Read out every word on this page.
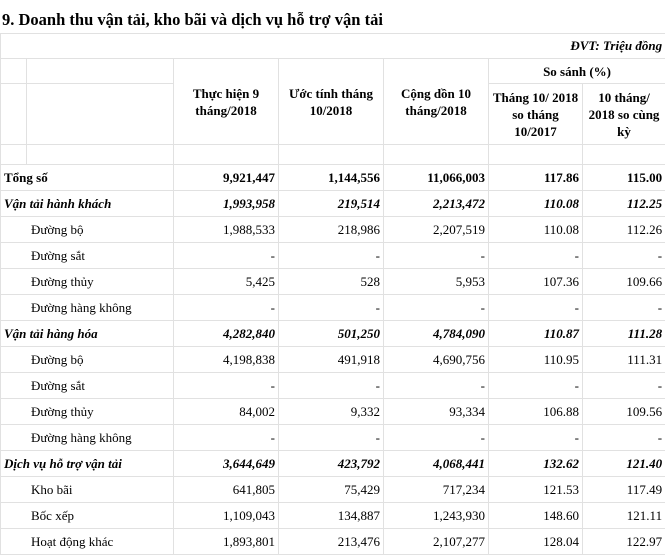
9. Doanh thu vận tải, kho bãi và dịch vụ hỗ trợ vận tải
ĐVT: Triệu đồng						
		Thực hiện 9 tháng/2018	Ước tính tháng 10/2018	Cộng dồn 10 tháng/2018	So sánh (%)	
					Tháng 10/ 2018 so tháng 10/2017	10 tháng/ 2018 so cùng kỳ

Tổng số		9,921,447	1,144,556	11,066,003	117.86	115.00
Vận tải hành khách		1,993,958	219,514	2,213,472	110.08	112.25
Đường bộ		1,988,533	218,986	2,207,519	110.08	112.26
Đường sắt		-	-	-	-	-
Đường thủy		5,425	528	5,953	107.36	109.66
Đường hàng không		-	-	-	-	-
Vận tải hàng hóa		4,282,840	501,250	4,784,090	110.87	111.28
Đường bộ		4,198,838	491,918	4,690,756	110.95	111.31
Đường sắt		-	-	-	-	-
Đường thủy		84,002	9,332	93,334	106.88	109.56
Đường hàng không		-	-	-	-	-
Dịch vụ hỗ trợ vận tải		3,644,649	423,792	4,068,441	132.62	121.40
Kho bãi		641,805	75,429	717,234	121.53	117.49
Bốc xếp		1,109,043	134,887	1,243,930	148.60	121.11
Hoạt động khác		1,893,801	213,476	2,107,277	128.04	122.97
